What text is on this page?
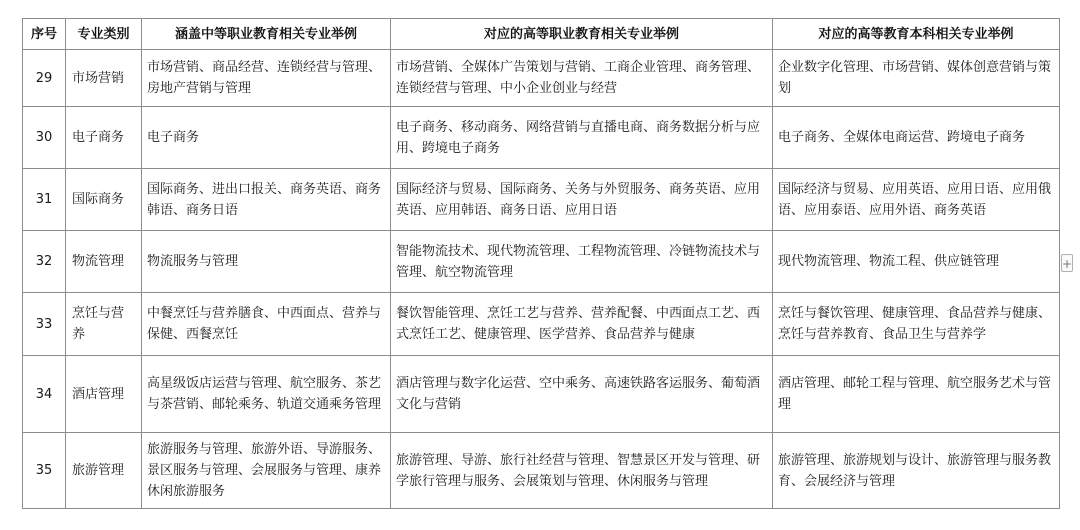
序号	专业类别	涵盖中等职业教育相关专业举例	对应的高等职业教育相关专业举例	对应的高等教育本科相关专业举例
29	市场营销	市场营销、商品经营、连锁经营与管理、房地产营销与管理	市场营销、全媒体广告策划与营销、工商企业管理、商务管理、连锁经营与管理、中小企业创业与经营	企业数字化管理、市场营销、媒体创意营销与策划
30	电子商务	电子商务	电子商务、移动商务、网络营销与直播电商、商务数据分析与应用、跨境电子商务	电子商务、全媒体电商运营、跨境电子商务
31	国际商务	国际商务、进出口报关、商务英语、商务韩语、商务日语	国际经济与贸易、国际商务、关务与外贸服务、商务英语、应用英语、应用韩语、商务日语、应用日语	国际经济与贸易、应用英语、应用日语、应用俄语、应用泰语、应用外语、商务英语
32	物流管理	物流服务与管理	智能物流技术、现代物流管理、工程物流管理、冷链物流技术与管理、航空物流管理	现代物流管理、物流工程、供应链管理
33	烹饪与营养	中餐烹饪与营养膳食、中西面点、营养与保健、西餐烹饪	餐饮智能管理、烹饪工艺与营养、营养配餐、中西面点工艺、西式烹饪工艺、健康管理、医学营养、食品营养与健康	烹饪与餐饮管理、健康管理、食品营养与健康、烹饪与营养教育、食品卫生与营养学
34	酒店管理	高星级饭店运营与管理、航空服务、茶艺与茶营销、邮轮乘务、轨道交通乘务管理	酒店管理与数字化运营、空中乘务、高速铁路客运服务、葡萄酒文化与营销	酒店管理、邮轮工程与管理、航空服务艺术与管理
35	旅游管理	旅游服务与管理、旅游外语、导游服务、景区服务与管理、会展服务与管理、康养休闲旅游服务	旅游管理、导游、旅行社经营与管理、智慧景区开发与管理、研学旅行管理与服务、会展策划与管理、休闲服务与管理	旅游管理、旅游规划与设计、旅游管理与服务教育、会展经济与管理
+
